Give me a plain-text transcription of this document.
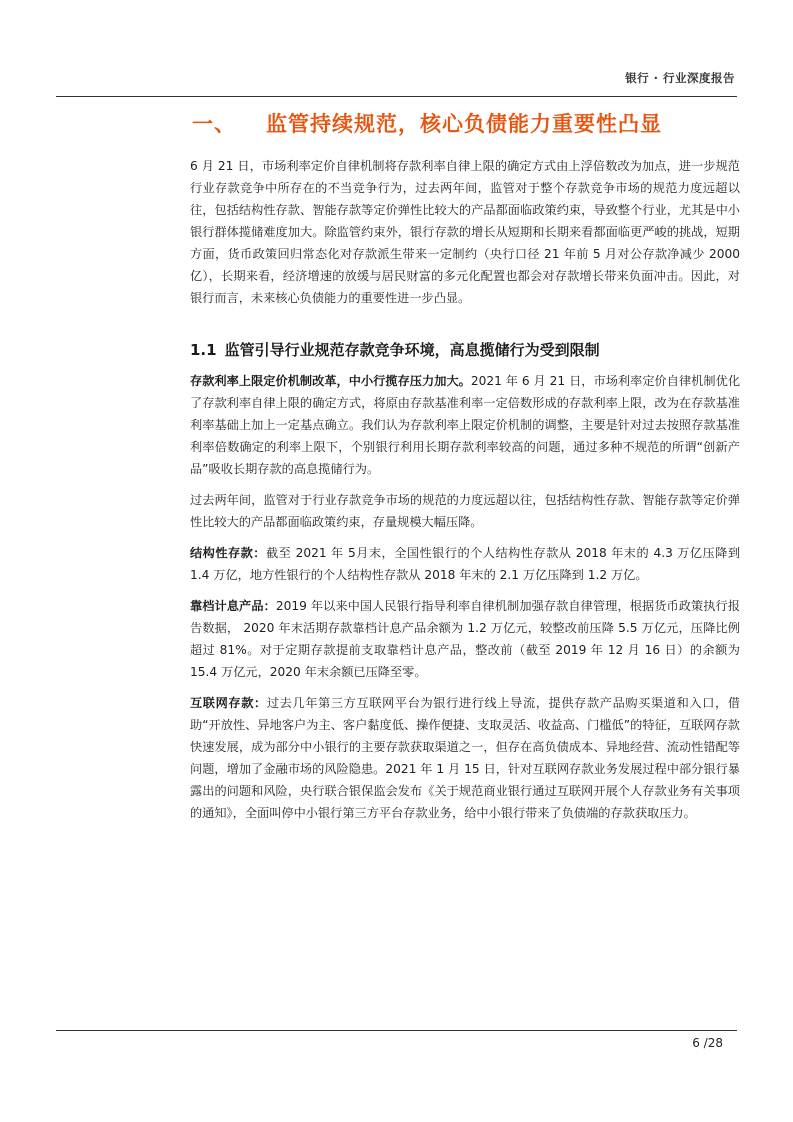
银行 · 行业深度报告
一、 监管持续规范，核心负债能力重要性凸显

6 月 21 日，市场利率定价自律机制将存款利率自律上限的确定方式由上浮倍数改为加点，进一步规范行业存款竞争中所存在的不当竞争行为，过去两年间，监管对于整个存款竞争市场的规范力度远超以往，包括结构性存款、智能存款等定价弹性比较大的产品都面临政策约束，导致整个行业，尤其是中小银行群体揽储难度加大。除监管约束外，银行存款的增长从短期和长期来看都面临更严峻的挑战，短期方面，货币政策回归常态化对存款派生带来一定制约（央行口径 21 年前 5 月对公存款净减少 2000 亿），长期来看，经济增速的放缓与居民财富的多元化配置也都会对存款增长带来负面冲击。因此，对银行而言，未来核心负债能力的重要性进一步凸显。

1.1 监管引导行业规范存款竞争环境，高息揽储行为受到限制

存款利率上限定价机制改革，中小行揽存压力加大。2021 年 6 月 21 日，市场利率定价自律机制优化了存款利率自律上限的确定方式，将原由存款基准利率一定倍数形成的存款利率上限，改为在存款基准利率基础上加上一定基点确立。我们认为存款利率上限定价机制的调整，主要是针对过去按照存款基准利率倍数确定的利率上限下，个别银行利用长期存款利率较高的问题，通过多种不规范的所谓“创新产品”吸收长期存款的高息揽储行为。

过去两年间，监管对于行业存款竞争市场的规范的力度远超以往，包括结构性存款、智能存款等定价弹性比较大的产品都面临政策约束，存量规模大幅压降。

结构性存款：截至 2021 年 5月末，全国性银行的个人结构性存款从 2018 年末的 4.3 万亿压降到 1.4 万亿，地方性银行的个人结构性存款从 2018 年末的 2.1 万亿压降到 1.2 万亿。

靠档计息产品：2019 年以来中国人民银行指导利率自律机制加强存款自律管理，根据货币政策执行报告数据， 2020 年末活期存款靠档计息产品余额为 1.2 万亿元，较整改前压降 5.5 万亿元，压降比例超过 81%。对于定期存款提前支取靠档计息产品，整改前（截至 2019 年 12 月 16 日）的余额为 15.4 万亿元，2020 年末余额已压降至零。

互联网存款：过去几年第三方互联网平台为银行进行线上导流，提供存款产品购买渠道和入口，借助“开放性、异地客户为主、客户黏度低、操作便捷、支取灵活、收益高、门槛低”的特征，互联网存款快速发展，成为部分中小银行的主要存款获取渠道之一，但存在高负债成本、异地经营、流动性错配等问题，增加了金融市场的风险隐患。2021 年 1 月 15 日，针对互联网存款业务发展过程中部分银行暴露出的问题和风险，央行联合银保监会发布《关于规范商业银行通过互联网开展个人存款业务有关事项的通知》，全面叫停中小银行第三方平台存款业务，给中小银行带来了负债端的存款获取压力。

6 /28
